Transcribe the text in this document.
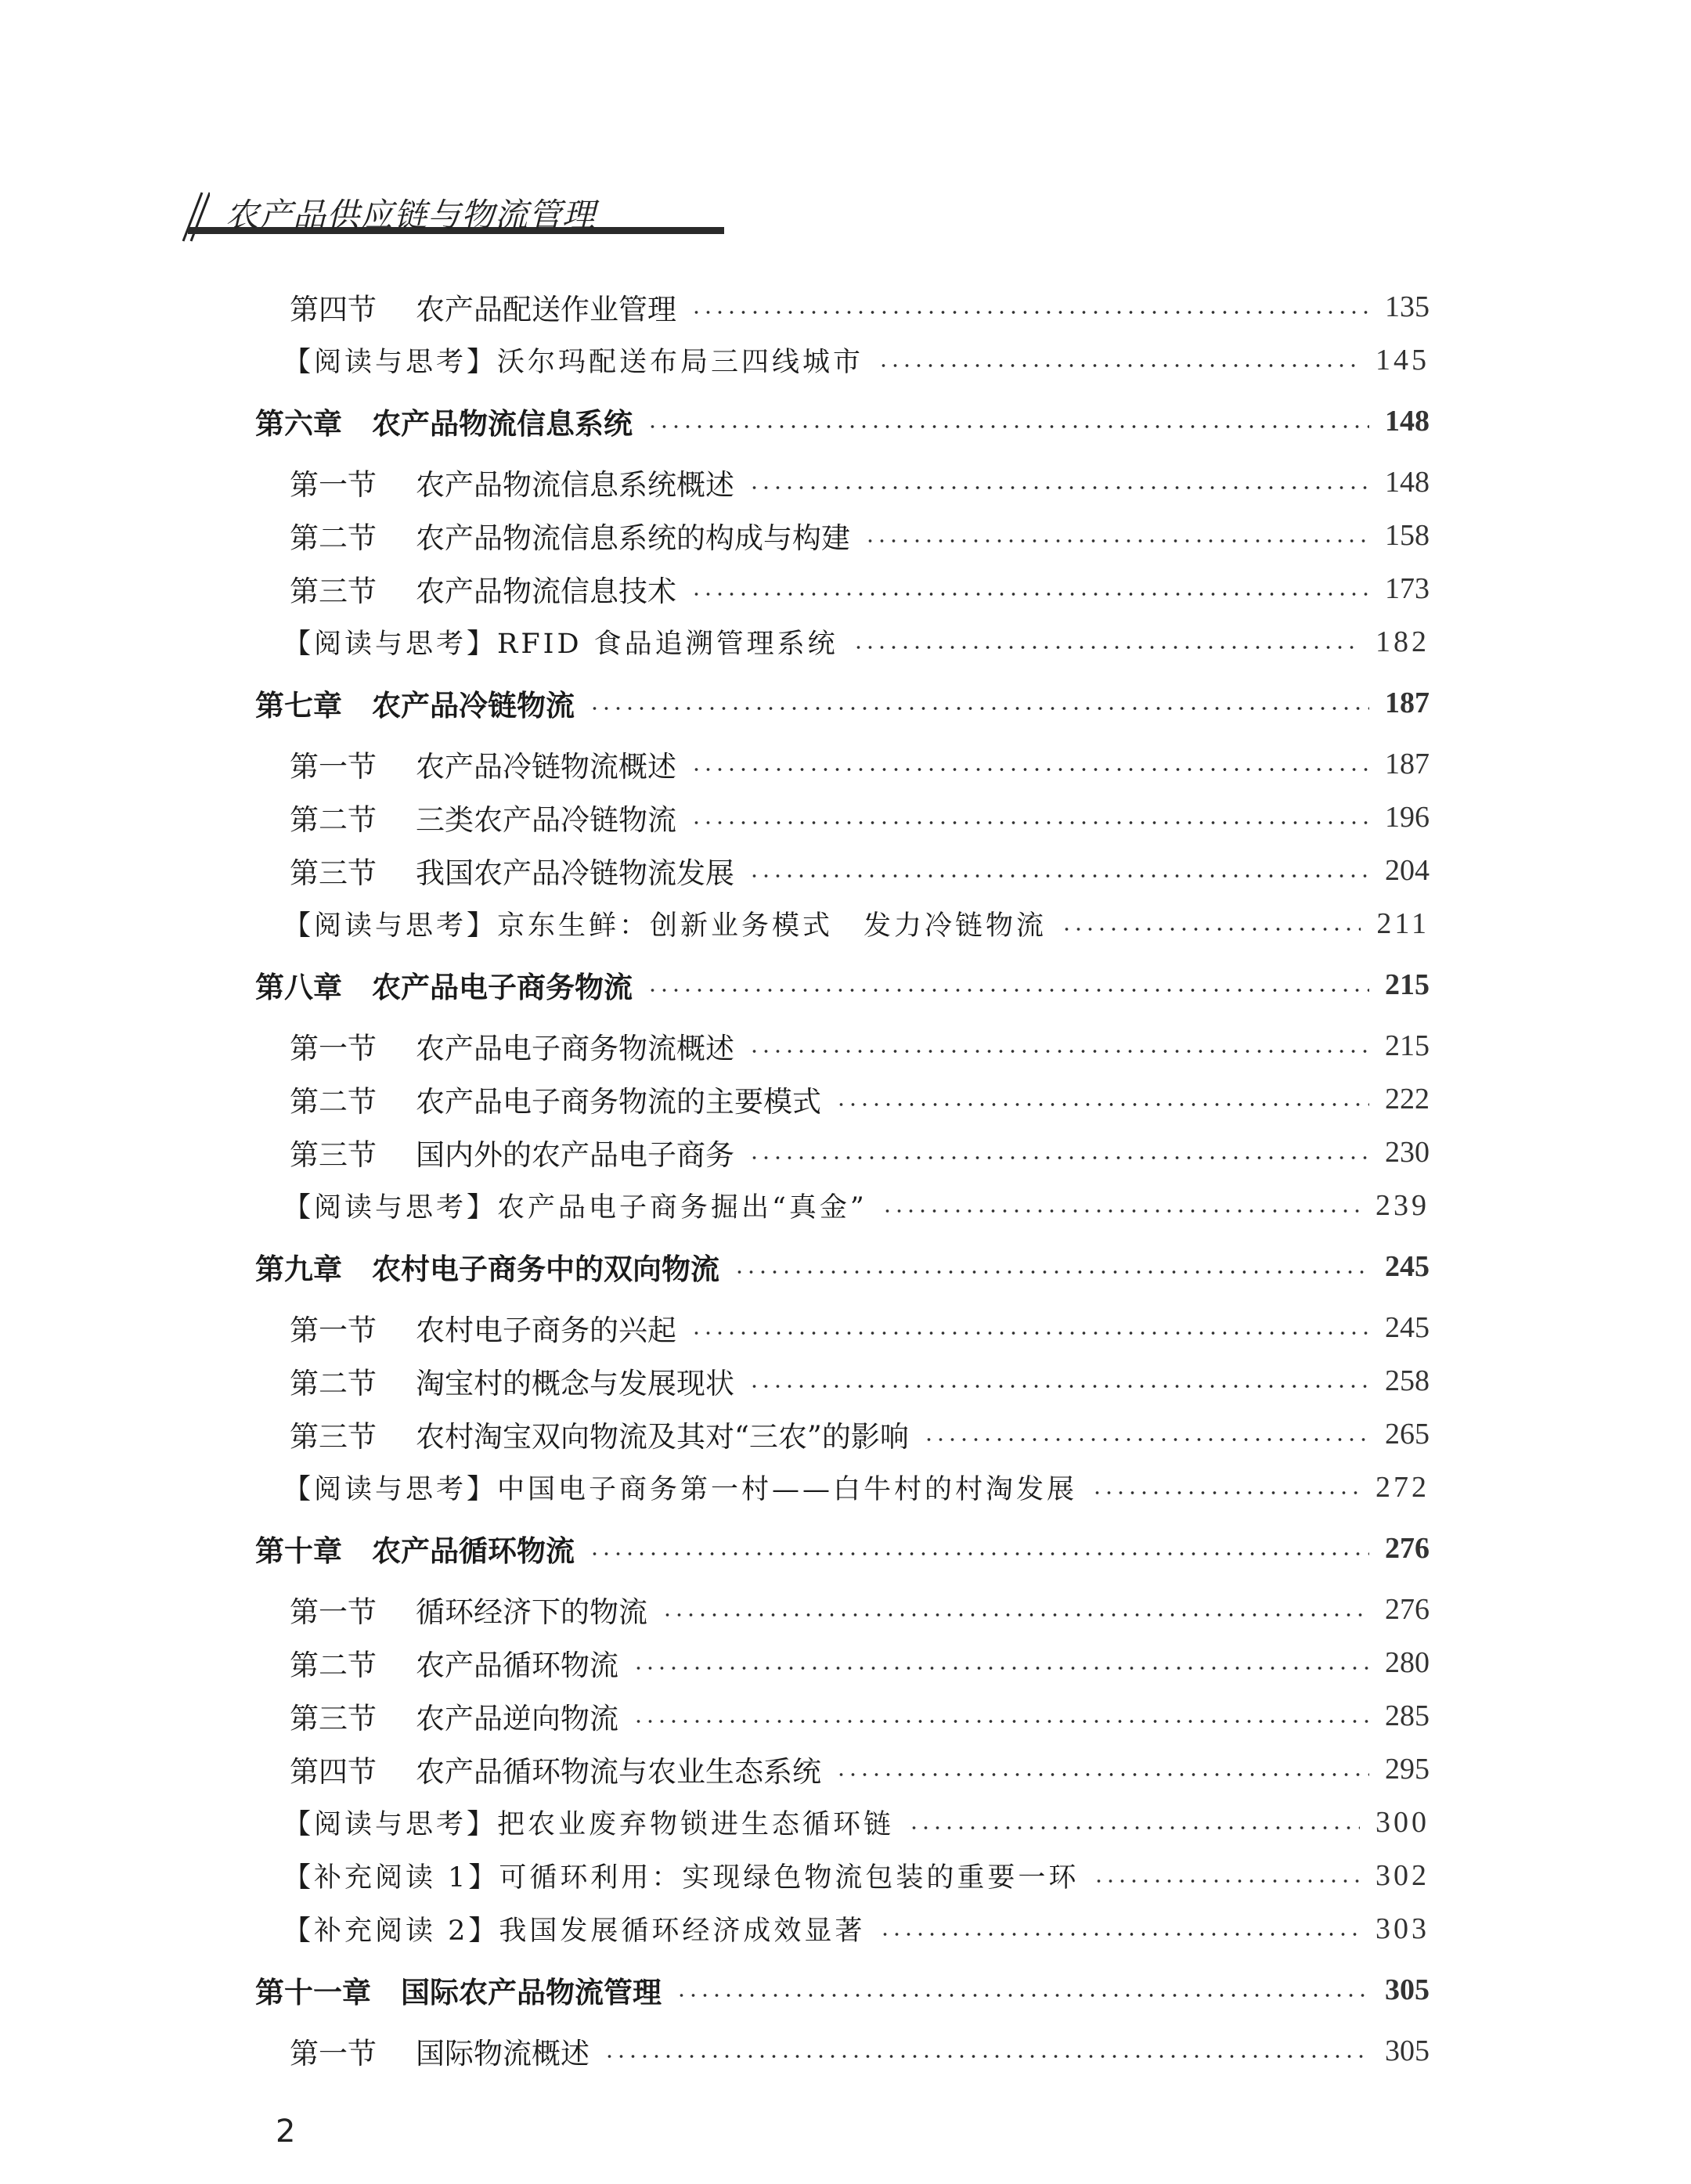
农产品供应链与物流管理
第四节 农产品配送作业管理	135
【阅读与思考】沃尔玛配送布局三四线城市	145
第六章 农产品物流信息系统	148
第一节 农产品物流信息系统概述	148
第二节 农产品物流信息系统的构成与构建	158
第三节 农产品物流信息技术	173
【阅读与思考】RFID 食品追溯管理系统	182
第七章 农产品冷链物流	187
第一节 农产品冷链物流概述	187
第二节 三类农产品冷链物流	196
第三节 我国农产品冷链物流发展	204
【阅读与思考】京东生鲜：创新业务模式　发力冷链物流	211
第八章 农产品电子商务物流	215
第一节 农产品电子商务物流概述	215
第二节 农产品电子商务物流的主要模式	222
第三节 国内外的农产品电子商务	230
【阅读与思考】农产品电子商务掘出“真金”	239
第九章 农村电子商务中的双向物流	245
第一节 农村电子商务的兴起	245
第二节 淘宝村的概念与发展现状	258
第三节 农村淘宝双向物流及其对“三农”的影响	265
【阅读与思考】中国电子商务第一村——白牛村的村淘发展	272
第十章 农产品循环物流	276
第一节 循环经济下的物流	276
第二节 农产品循环物流	280
第三节 农产品逆向物流	285
第四节 农产品循环物流与农业生态系统	295
【阅读与思考】把农业废弃物锁进生态循环链	300
【补充阅读 1】可循环利用：实现绿色物流包装的重要一环	302
【补充阅读 2】我国发展循环经济成效显著	303
第十一章 国际农产品物流管理	305
第一节 国际物流概述	305
2
